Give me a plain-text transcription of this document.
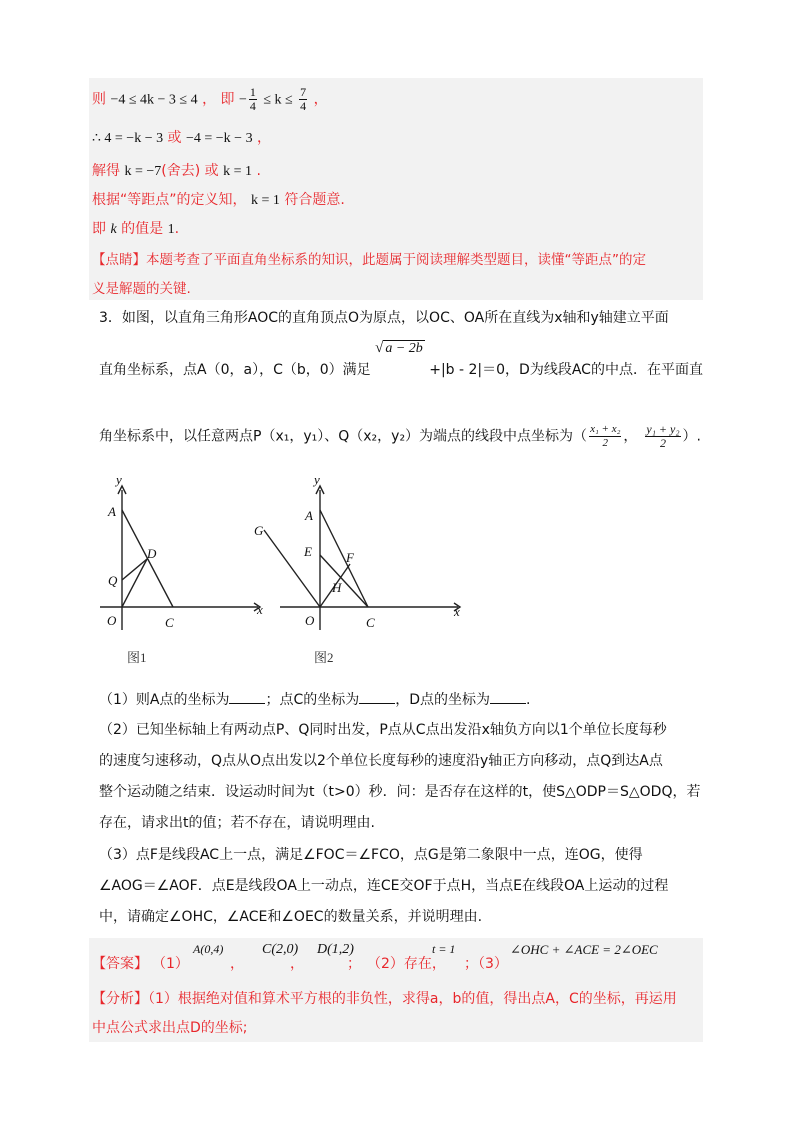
则 −4 ≤ 4k − 3 ≤ 4 ， 即 − $\frac{1}{4} \le k \le \frac{7}{4}$ ，
∴ 4 = −k − 3 或 −4 = −k − 3 ，
解得 k = −7(舍去) 或 k = 1 .
根据“等距点”的定义知， k = 1 符合题意.
即 k 的值是 1.
【点睛】本题考查了平面直角坐标系的知识，此题属于阅读理解类型题目，读懂“等距点”的定
义是解题的关键.
3．如图，以直角三角形AOC的直角顶点O为原点，以OC、OA所在直线为x轴和y轴建立平面
直角坐标系，点A（0，a），C（b，0）满足 √ a − 2b +|b - 2|＝0，D为线段AC的中点．在平面直
角坐标系中，以任意两点P（x₁，y₁）、Q（x₂，y₂）为端点的线段中点坐标为（ $\frac{\text{x₁ + x₂}}{2}$ ， $\frac{\text{y₁ + y₂}}{2}$ ）.
y
A
D
Q
O	C
x
图1
y
A
G
E	F
H
O	C
x
图2
（1）则A点的坐标为	；点C的坐标为	，D点的坐标为	.
（2）已知坐标轴上有两动点P、Q同时出发，P点从C点出发沿x轴负方向以1个单位长度每秒
的速度匀速移动，Q点从O点出发以2个单位长度每秒的速度沿y轴正方向移动，点Q到达A点
整个运动随之结束．设运动时间为t（t>0）秒．问：是否存在这样的t，使S△ODP＝S△ODQ，若
存在，请求出t的值；若不存在，请说明理由.
（3）点F是线段AC上一点，满足∠FOC＝∠FCO，点G是第二象限中一点，连OG，使得
∠AOG＝∠AOF．点E是线段OA上一动点，连CE交OF于点H，当点E在线段OA上运动的过程
中，请确定∠OHC，∠ACE和∠OEC的数量关系，并说明理由.
【答案】 （1）
A(0,4)
，
C(2,0)
，
D(1,2)
； （2）存在，
t = 1
；（3）
∠OHC + ∠ACE = 2∠OEC
【分析】（1）根据绝对值和算术平方根的非负性，求得a，b的值，得出点A，C的坐标，再运用
中点公式求出点D的坐标;
